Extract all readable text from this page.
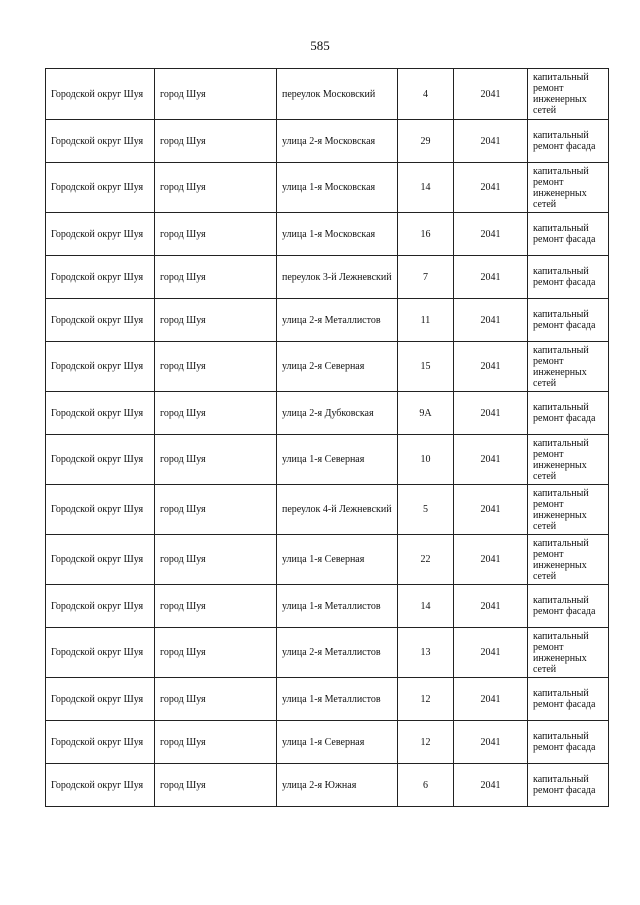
585
Городской округ Шуя	город Шуя	переулок Московский	4	2041	капитальный ремонт инженерных сетей
Городской округ Шуя	город Шуя	улица 2-я Московская	29	2041	капитальный ремонт фасада
Городской округ Шуя	город Шуя	улица 1-я Московская	14	2041	капитальный ремонт инженерных сетей
Городской округ Шуя	город Шуя	улица 1-я Московская	16	2041	капитальный ремонт фасада
Городской округ Шуя	город Шуя	переулок 3-й Лежневский	7	2041	капитальный ремонт фасада
Городской округ Шуя	город Шуя	улица 2-я Металлистов	11	2041	капитальный ремонт фасада
Городской округ Шуя	город Шуя	улица 2-я Северная	15	2041	капитальный ремонт инженерных сетей
Городской округ Шуя	город Шуя	улица 2-я Дубковская	9А	2041	капитальный ремонт фасада
Городской округ Шуя	город Шуя	улица 1-я Северная	10	2041	капитальный ремонт инженерных сетей
Городской округ Шуя	город Шуя	переулок 4-й Лежневский	5	2041	капитальный ремонт инженерных сетей
Городской округ Шуя	город Шуя	улица 1-я Северная	22	2041	капитальный ремонт инженерных сетей
Городской округ Шуя	город Шуя	улица 1-я Металлистов	14	2041	капитальный ремонт фасада
Городской округ Шуя	город Шуя	улица 2-я Металлистов	13	2041	капитальный ремонт инженерных сетей
Городской округ Шуя	город Шуя	улица 1-я Металлистов	12	2041	капитальный ремонт фасада
Городской округ Шуя	город Шуя	улица 1-я Северная	12	2041	капитальный ремонт фасада
Городской округ Шуя	город Шуя	улица 2-я Южная	6	2041	капитальный ремонт фасада
